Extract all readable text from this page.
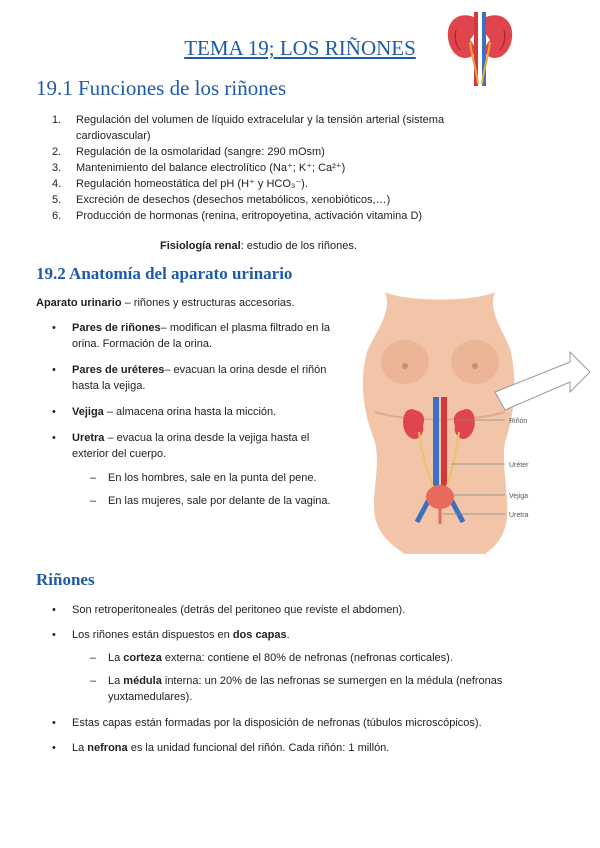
TEMA 19; LOS RIÑONES
19.1 Funciones de los riñones
1.	Regulación del volumen de líquido extracelular y la tensión arterial (sistema cardiovascular)
2.	Regulación de la osmolaridad (sangre: 290 mOsm)
3.	Mantenimiento del balance electrolítico (Na⁺; K⁺; Ca²⁺)
4.	Regulación homeostática del pH (H⁺ y HCO₃⁻).
5.	Excreción de desechos (desechos metabólicos, xenobióticos,…)
6.	Producción de hormonas (renina, eritropoyetina, activación vitamina D)
Fisiología renal: estudio de los riñones.
19.2 Anatomía del aparato urinario
Aparato urinario – riñones y estructuras accesorias.
•	Pares de riñones– modifican el plasma filtrado en la orina. Formación de la orina.
•	Pares de uréteres– evacuan la orina desde el riñón hasta la vejiga.
•	Vejiga – almacena orina hasta la micción.
•	Uretra – evacua la orina desde la vejiga hasta el exterior del cuerpo.
–	En los hombres, sale en la punta del pene.
–	En las mujeres, sale por delante de la vagina.
Riñón
Uréter
Vejiga
Uretra
Riñones
•	Son retroperitoneales (detrás del peritoneo que reviste el abdomen).
•	Los riñones están dispuestos en dos capas.
–	La corteza externa: contiene el 80% de nefronas (nefronas corticales).
–	La médula interna: un 20% de las nefronas se sumergen en la médula (nefronas yuxtamedulares).
•	Estas capas están formadas por la disposición de nefronas (túbulos microscópicos).
•	La nefrona es la unidad funcional del riñón. Cada riñón: 1 millón.
